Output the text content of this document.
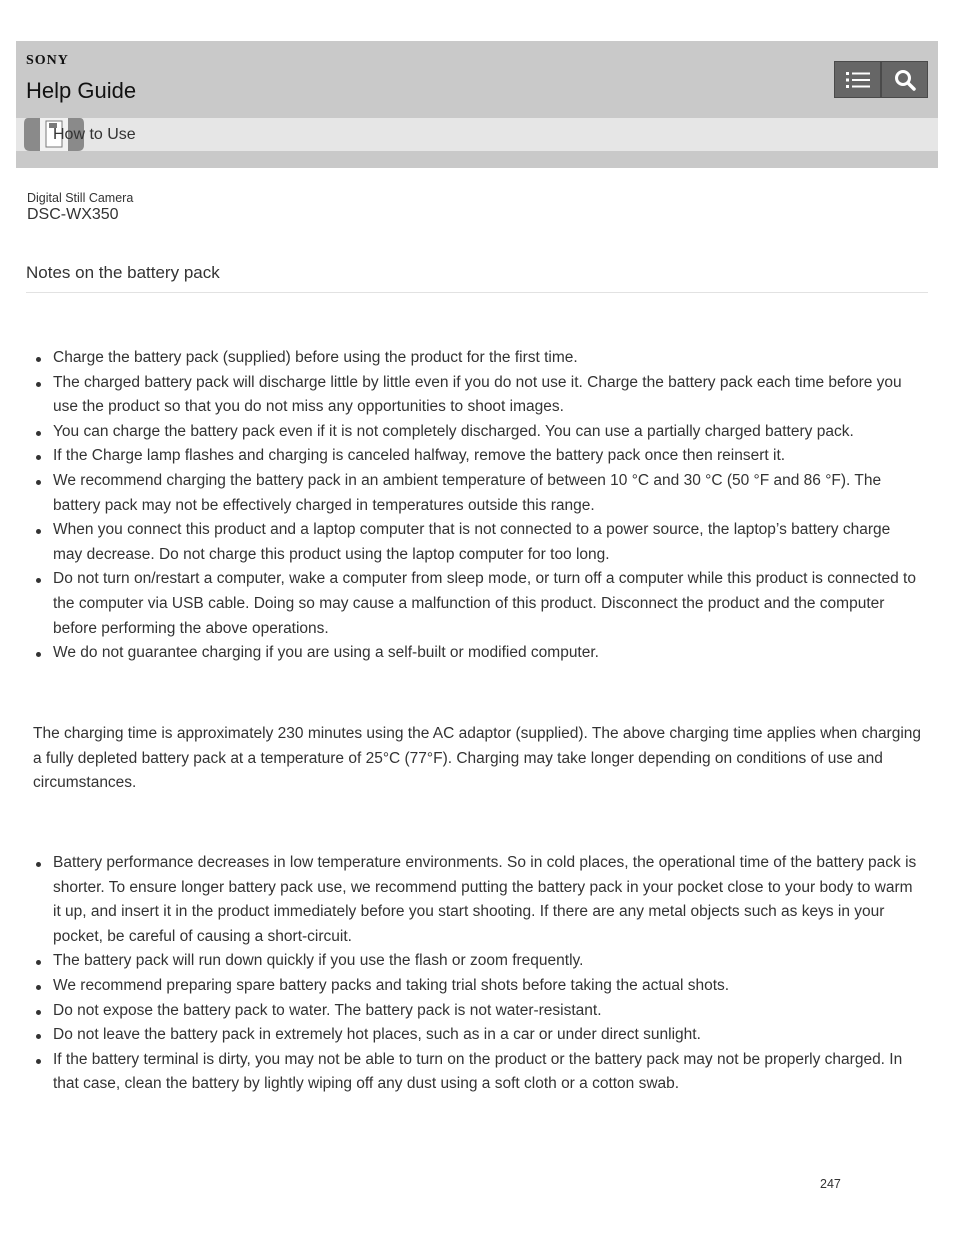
SONY
Help Guide
How to Use
Digital Still Camera
DSC-WX350
Notes on the battery pack
Charge the battery pack (supplied) before using the product for the first time.
The charged battery pack will discharge little by little even if you do not use it. Charge the battery pack each time before you use the product so that you do not miss any opportunities to shoot images.
You can charge the battery pack even if it is not completely discharged. You can use a partially charged battery pack.
If the Charge lamp flashes and charging is canceled halfway, remove the battery pack once then reinsert it.
We recommend charging the battery pack in an ambient temperature of between 10 °C and 30 °C (50 °F and 86 °F). The battery pack may not be effectively charged in temperatures outside this range.
When you connect this product and a laptop computer that is not connected to a power source, the laptop’s battery charge may decrease. Do not charge this product using the laptop computer for too long.
Do not turn on/restart a computer, wake a computer from sleep mode, or turn off a computer while this product is connected to the computer via USB cable. Doing so may cause a malfunction of this product. Disconnect the product and the computer before performing the above operations.
We do not guarantee charging if you are using a self-built or modified computer.

The charging time is approximately 230 minutes using the AC adaptor (supplied). The above charging time applies when charging a fully depleted battery pack at a temperature of 25°C (77°F). Charging may take longer depending on conditions of use and circumstances.

Battery performance decreases in low temperature environments. So in cold places, the operational time of the battery pack is shorter. To ensure longer battery pack use, we recommend putting the battery pack in your pocket close to your body to warm it up, and insert it in the product immediately before you start shooting. If there are any metal objects such as keys in your pocket, be careful of causing a short-circuit.
The battery pack will run down quickly if you use the flash or zoom frequently.
We recommend preparing spare battery packs and taking trial shots before taking the actual shots.
Do not expose the battery pack to water. The battery pack is not water-resistant.
Do not leave the battery pack in extremely hot places, such as in a car or under direct sunlight.
If the battery terminal is dirty, you may not be able to turn on the product or the battery pack may not be properly charged. In that case, clean the battery by lightly wiping off any dust using a soft cloth or a cotton swab.
247
